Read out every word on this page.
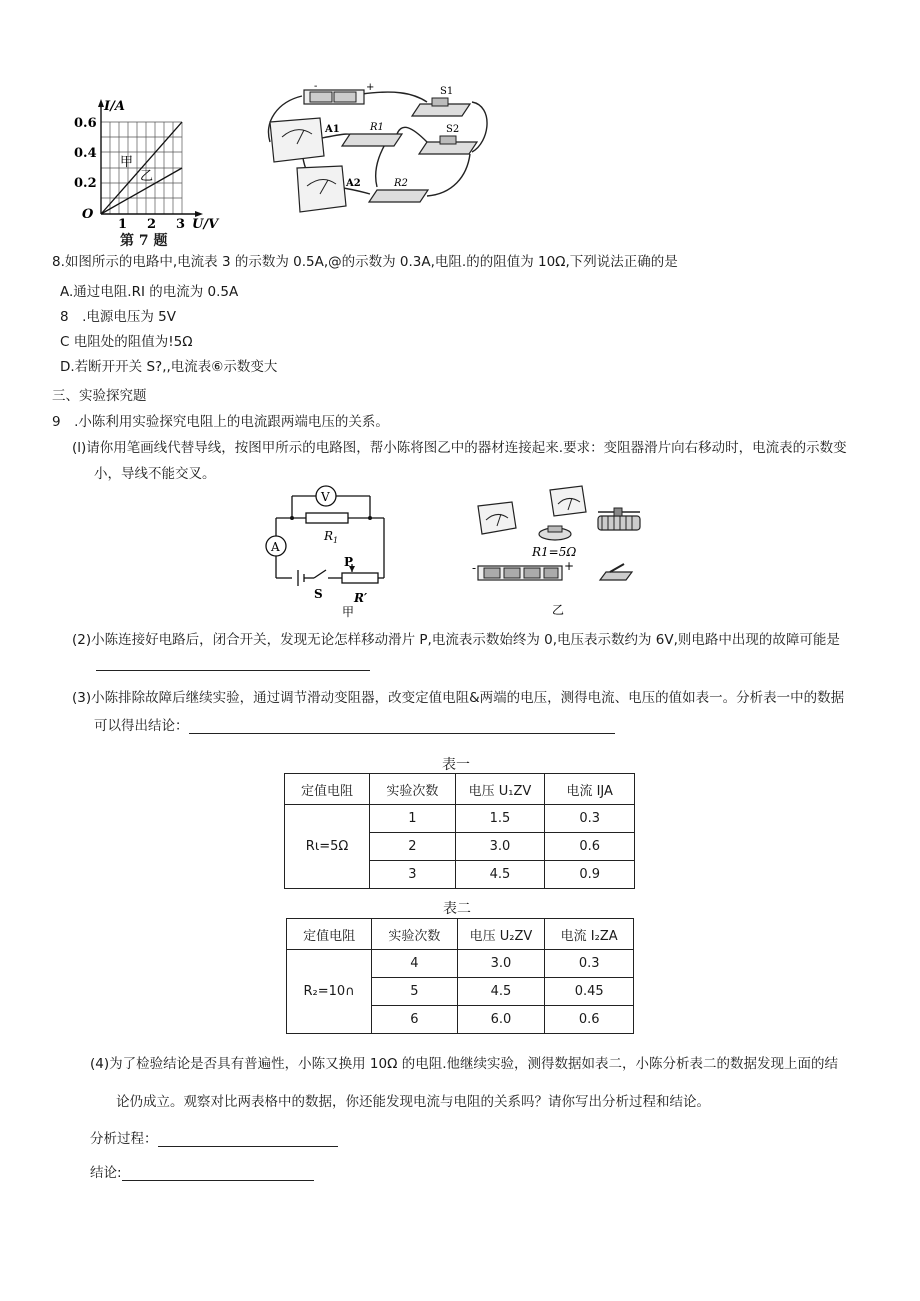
I/A
0.6
0.4
0.2
O
1 2 3 U/V
甲
乙
第 7 题
-	+
A1	R1
S1
S2
A2	R2
8.如图所示的电路中,电流表 3 的示数为 0.5A,@的示数为 0.3A,电阻.的的阻值为 10Ω,下列说法正确的是
A.通过电阻.RI 的电流为 0.5A
8　.电源电压为 5V
C 电阻处的阻值为!5Ω
D.若断开开关 S?,,电流表⑥示数变大
三、实验探究题
9　.小陈利用实验探究电阻上的电流跟两端电压的关系。
(l)请你用笔画线代替导线，按图甲所示的电路图，帮小陈将图乙中的器材连接起来.要求：变阻器滑片向右移动时，电流表的示数变
小，导线不能交叉。
V
A
$R_1$
P
S	R′
甲
R1=5Ω
-	+
乙
(2)小陈连接好电路后，闭合开关，发现无论怎样移动滑片 P,电流表示数始终为 0,电压表示数约为 6V,则电路中出现的故障可能是
(3)小陈排除故障后继续实验，通过调节滑动变阻器，改变定值电阻&两端的电压，测得电流、电压的值如表一。分析表一中的数据
可以得出结论：
表一
定值电阻	实验次数	电压 U₁ZV	电流 IJA
Rι=5Ω	1	1.5	0.3
	2	3.0	0.6
	3	4.5	0.9
表二
定值电阻	实验次数	电压 U₂ZV	电流 I₂ZA
R₂=10∩	4	3.0	0.3
	5	4.5	0.45
	6	6.0	0.6
(4)为了检验结论是否具有普遍性，小陈又换用 10Ω 的电阻.他继续实验，测得数据如表二，小陈分析表二的数据发现上面的结
论仍成立。观察对比两表格中的数据，你还能发现电流与电阻的关系吗？请你写出分析过程和结论。
分析过程：
结论:
